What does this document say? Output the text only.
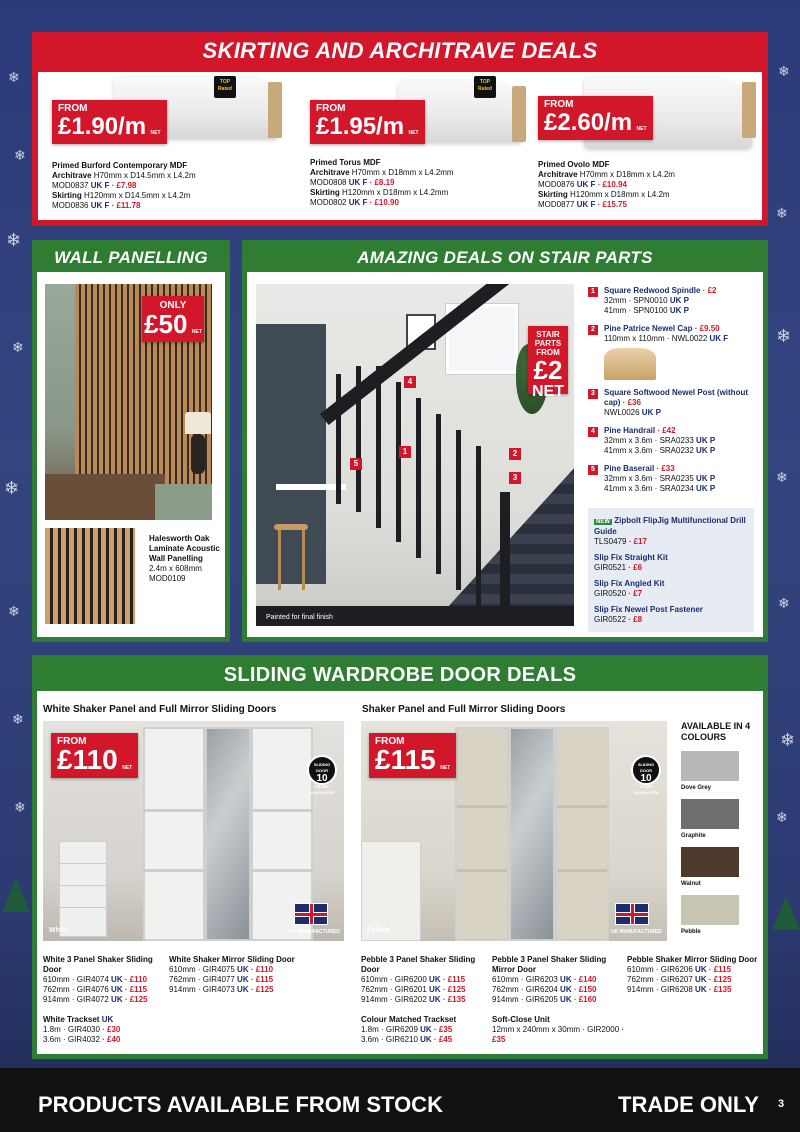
❄	❄
❄
❄
❄
❄
❄
❄	❄
❄	❄
❄
❄
❄
❄
SKIRTING AND ARCHITRAVE DEALS
TOP Rated
FROM
£1.90/m NET
Primed Burford Contemporary MDF
Architrave H70mm x D14.5mm x L4.2m
MOD0837 UK F · £7.98
Skirting H120mm x D14.5mm x L4.2m
MOD0836 UK F · £11.78
TOP Rated
FROM
£1.95/m NET
Primed Torus MDF
Architrave H70mm x D18mm x L4.2mm
MOD0808 UK F · £8.19
Skirting H120mm x D18mm x L4.2mm
MOD0802 UK F · £10.90
FROM
£2.60/m NET
Primed Ovolo MDF
Architrave H70mm x D18mm x L4.2m
MOD0876 UK F · £10.94
Skirting H120mm x D18mm x L4.2m
MOD0877 UK F · £15.75
WALL PANELLING
ONLY
£50 NET
Halesworth Oak Laminate Acoustic Wall Panelling
2.4m x 608mm
MOD0109
AMAZING DEALS ON STAIR PARTS
4
1	2
3
5
Painted for final finish
STAIR PARTS FROM
£2
NET
1	Square Redwood Spindle · £2
32mm · SPN0010 UK P
41mm · SPN0100 UK P
2	Pine Patrice Newel Cap · £9.50
110mm x 110mm · NWL0022 UK F
3	Square Softwood Newel Post (without cap) · £36
NWL0026 UK P
4	Pine Handrail · £42
32mm x 3.6m · SRA0233 UK P
41mm x 3.6m · SRA0232 UK P
5	Pine Baserail · £33
32mm x 3.6m · SRA0235 UK P
41mm x 3.6m · SRA0234 UK P
NEW Zipbolt FlipJig Multifunctional Drill Guide
TLS0479 · £17
Slip Fix Straight Kit
GIR0521 · £6
Slip Fix Angled Kit
GIR0520 · £7
Slip Fix Newel Post Fastener
GIR0522 · £8
SLIDING WARDROBE DOOR DEALS
White Shaker Panel and Full Mirror Sliding Doors	Shaker Panel and Full Mirror Sliding Doors
White	UK MANUFACTURED
SLIDING DOOR
10
YEARS GUARANTEE
FROM
£110 NET
Pebble	UK MANUFACTURED
SLIDING DOOR
10
YEARS GUARANTEE
FROM
£115 NET
AVAILABLE IN 4 COLOURS
Dove Grey
Graphite
Walnut
Pebble
White 3 Panel Shaker Sliding Door
610mm · GIR4074 UK · £110
762mm · GIR4076 UK · £115
914mm · GIR4072 UK · £125

White Trackset UK
1.8m · GIR4030 · £30
3.6m · GIR4032 · £40
White Shaker Mirror Sliding Door
610mm · GIR4075 UK · £110
762mm · GIR4077 UK · £115
914mm · GIR4073 UK · £125
Pebble 3 Panel Shaker Sliding Door
610mm · GIR6200 UK · £115
762mm · GIR6201 UK · £125
914mm · GIR6202 UK · £135

Colour Matched Trackset
1.8m · GIR6209 UK · £35
3.6m · GIR6210 UK · £45
Pebble 3 Panel Shaker Sliding Mirror Door
610mm · GIR6203 UK · £140
762mm · GIR6204 UK · £150
914mm · GIR6205 UK · £160

Soft-Close Unit
12mm x 240mm x 30mm · GIR2000 · £35
Pebble Shaker Mirror Sliding Door
610mm · GIR6206 UK · £115
762mm · GIR6207 UK · £125
914mm · GIR6208 UK · £135
PRODUCTS AVAILABLE FROM STOCK	TRADE ONLY 3
